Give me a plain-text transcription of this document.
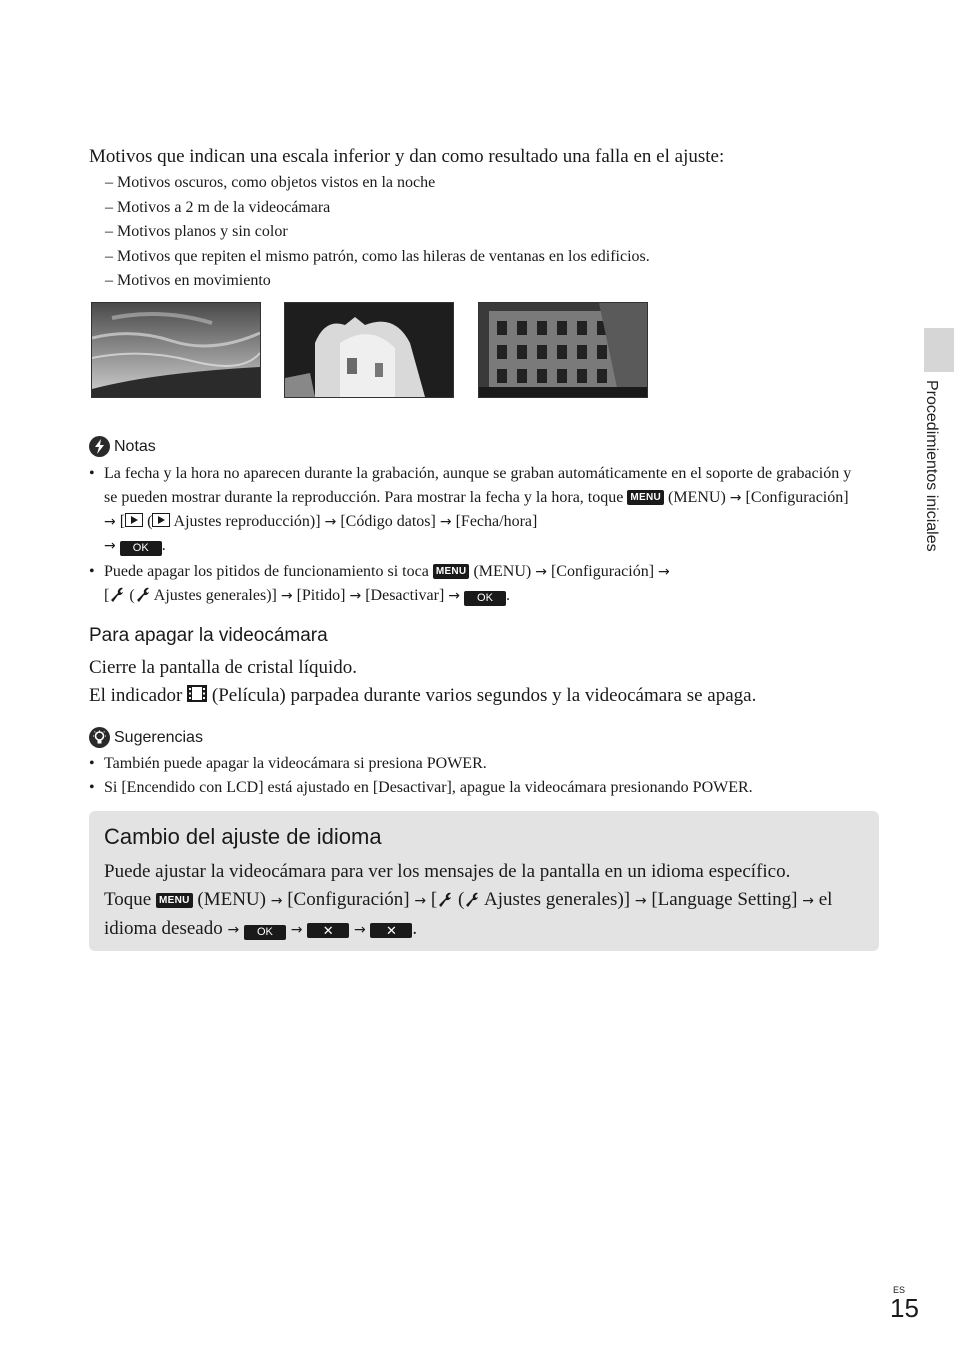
Motivos que indican una escala inferior y dan como resultado una falla en el ajuste:
– Motivos oscuros, como objetos vistos en la noche
– Motivos a 2 m de la videocámara
– Motivos planos y sin color
– Motivos que repiten el mismo patrón, como las hileras de ventanas en los edificios.
– Motivos en movimiento
Notas
• La fecha y la hora no aparecen durante la grabación, aunque se graban automáticamente en el soporte de grabación y se pueden mostrar durante la reproducción. Para mostrar la fecha y la hora, toque MENU (MENU) → [Configuración] → [ ( Ajustes reproducción)] → [Código datos] → [Fecha/hora]
→ OK .
• Puede apagar los pitidos de funcionamiento si toca MENU (MENU) → [Configuración] →
[ ( Ajustes generales)] → [Pitido] → [Desactivar] → OK .
Para apagar la videocámara
Cierre la pantalla de cristal líquido.
El indicador (Película) parpadea durante varios segundos y la videocámara se apaga.
Sugerencias
• También puede apagar la videocámara si presiona POWER.
• Si [Encendido con LCD] está ajustado en [Desactivar], apague la videocámara presionando POWER.
Cambio del ajuste de idioma
Puede ajustar la videocámara para ver los mensajes de la pantalla en un idioma específico.
Toque MENU (MENU) → [Configuración] → [ ( Ajustes generales)] → [Language Setting] → el idioma deseado → OK → ✕ → ✕ .
Procedimientos iniciales
ES
15
